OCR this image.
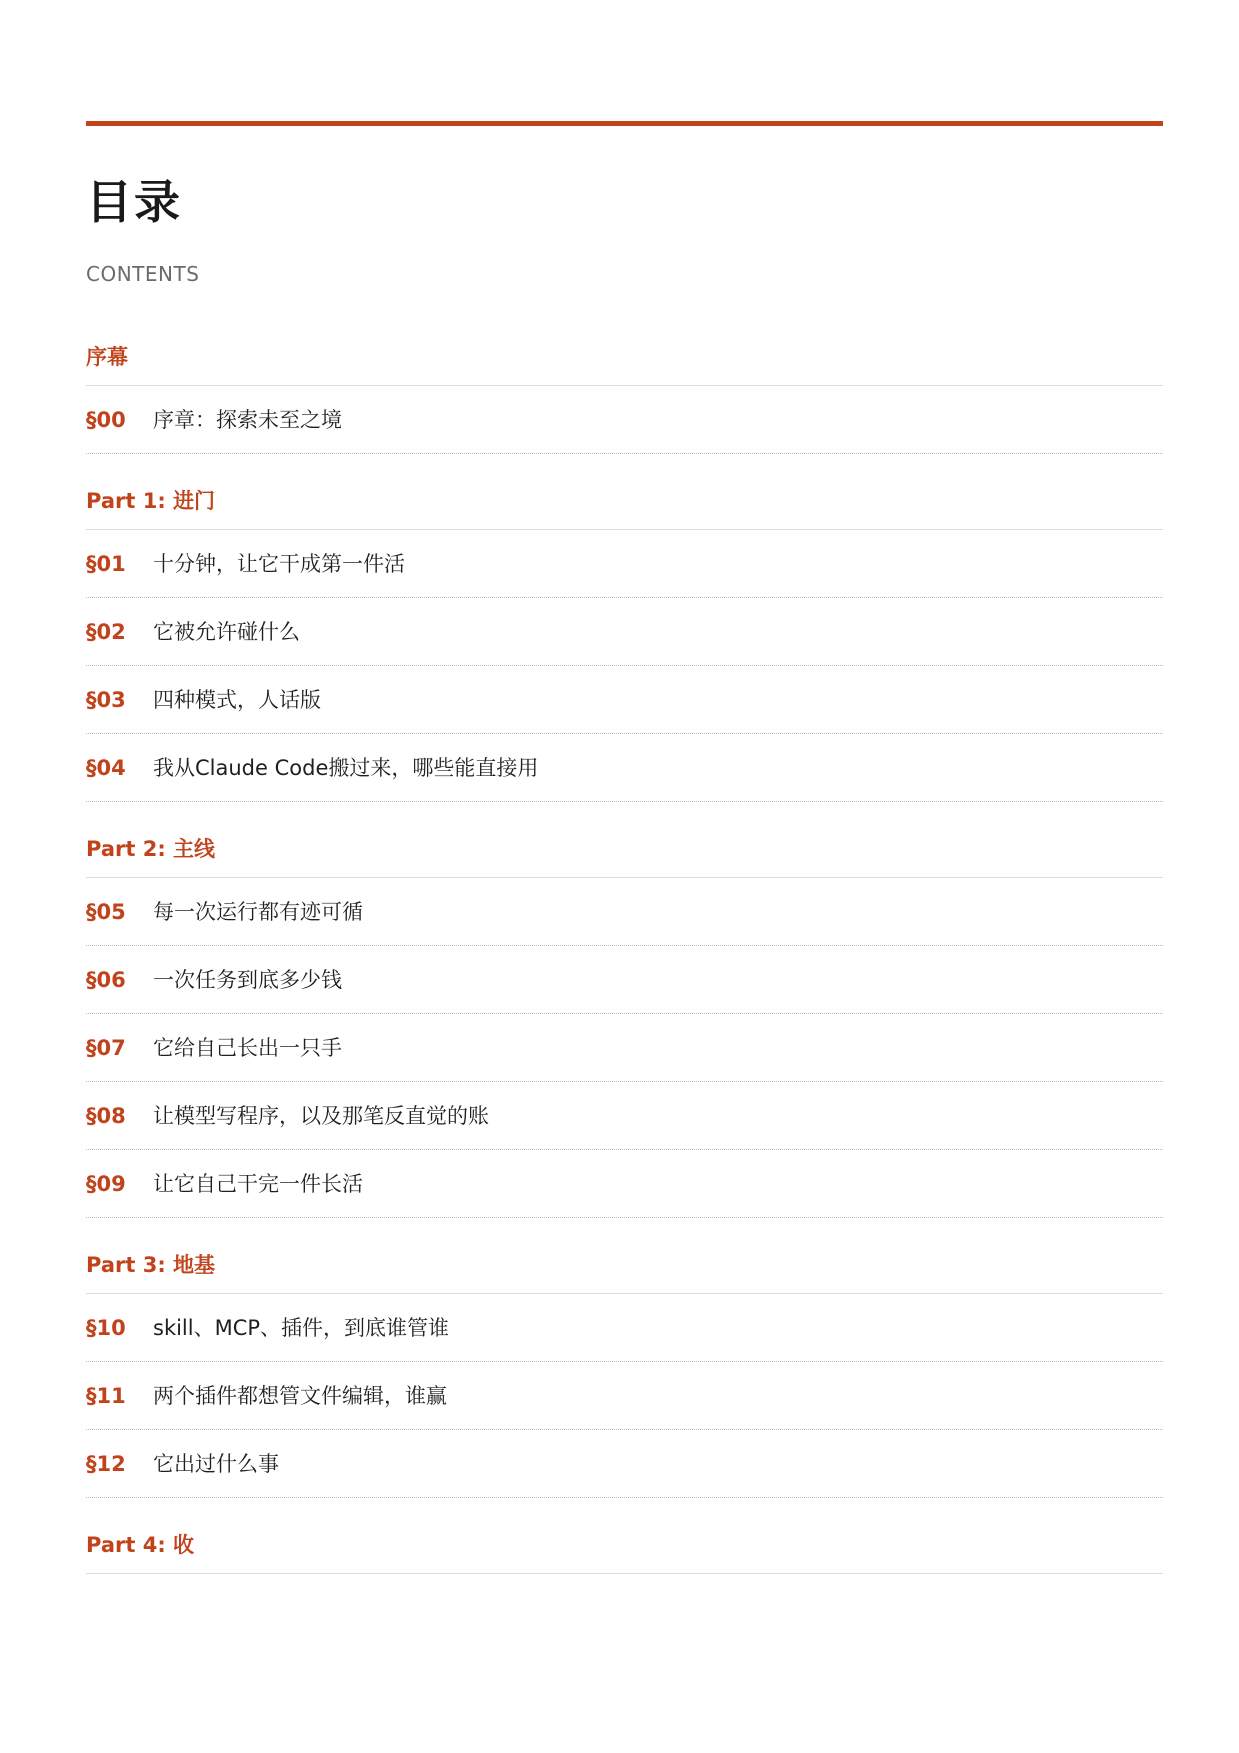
目录
CONTENTS
序幕
§00	序章：探索未至之境
Part 1: 进门
§01	十分钟，让它干成第一件活
§02	它被允许碰什么
§03	四种模式，人话版
§04	我从Claude Code搬过来，哪些能直接用
Part 2: 主线
§05	每一次运行都有迹可循
§06	一次任务到底多少钱
§07	它给自己长出一只手
§08	让模型写程序，以及那笔反直觉的账
§09	让它自己干完一件长活
Part 3: 地基
§10	skill、MCP、插件，到底谁管谁
§11	两个插件都想管文件编辑，谁赢
§12	它出过什么事
Part 4: 收
